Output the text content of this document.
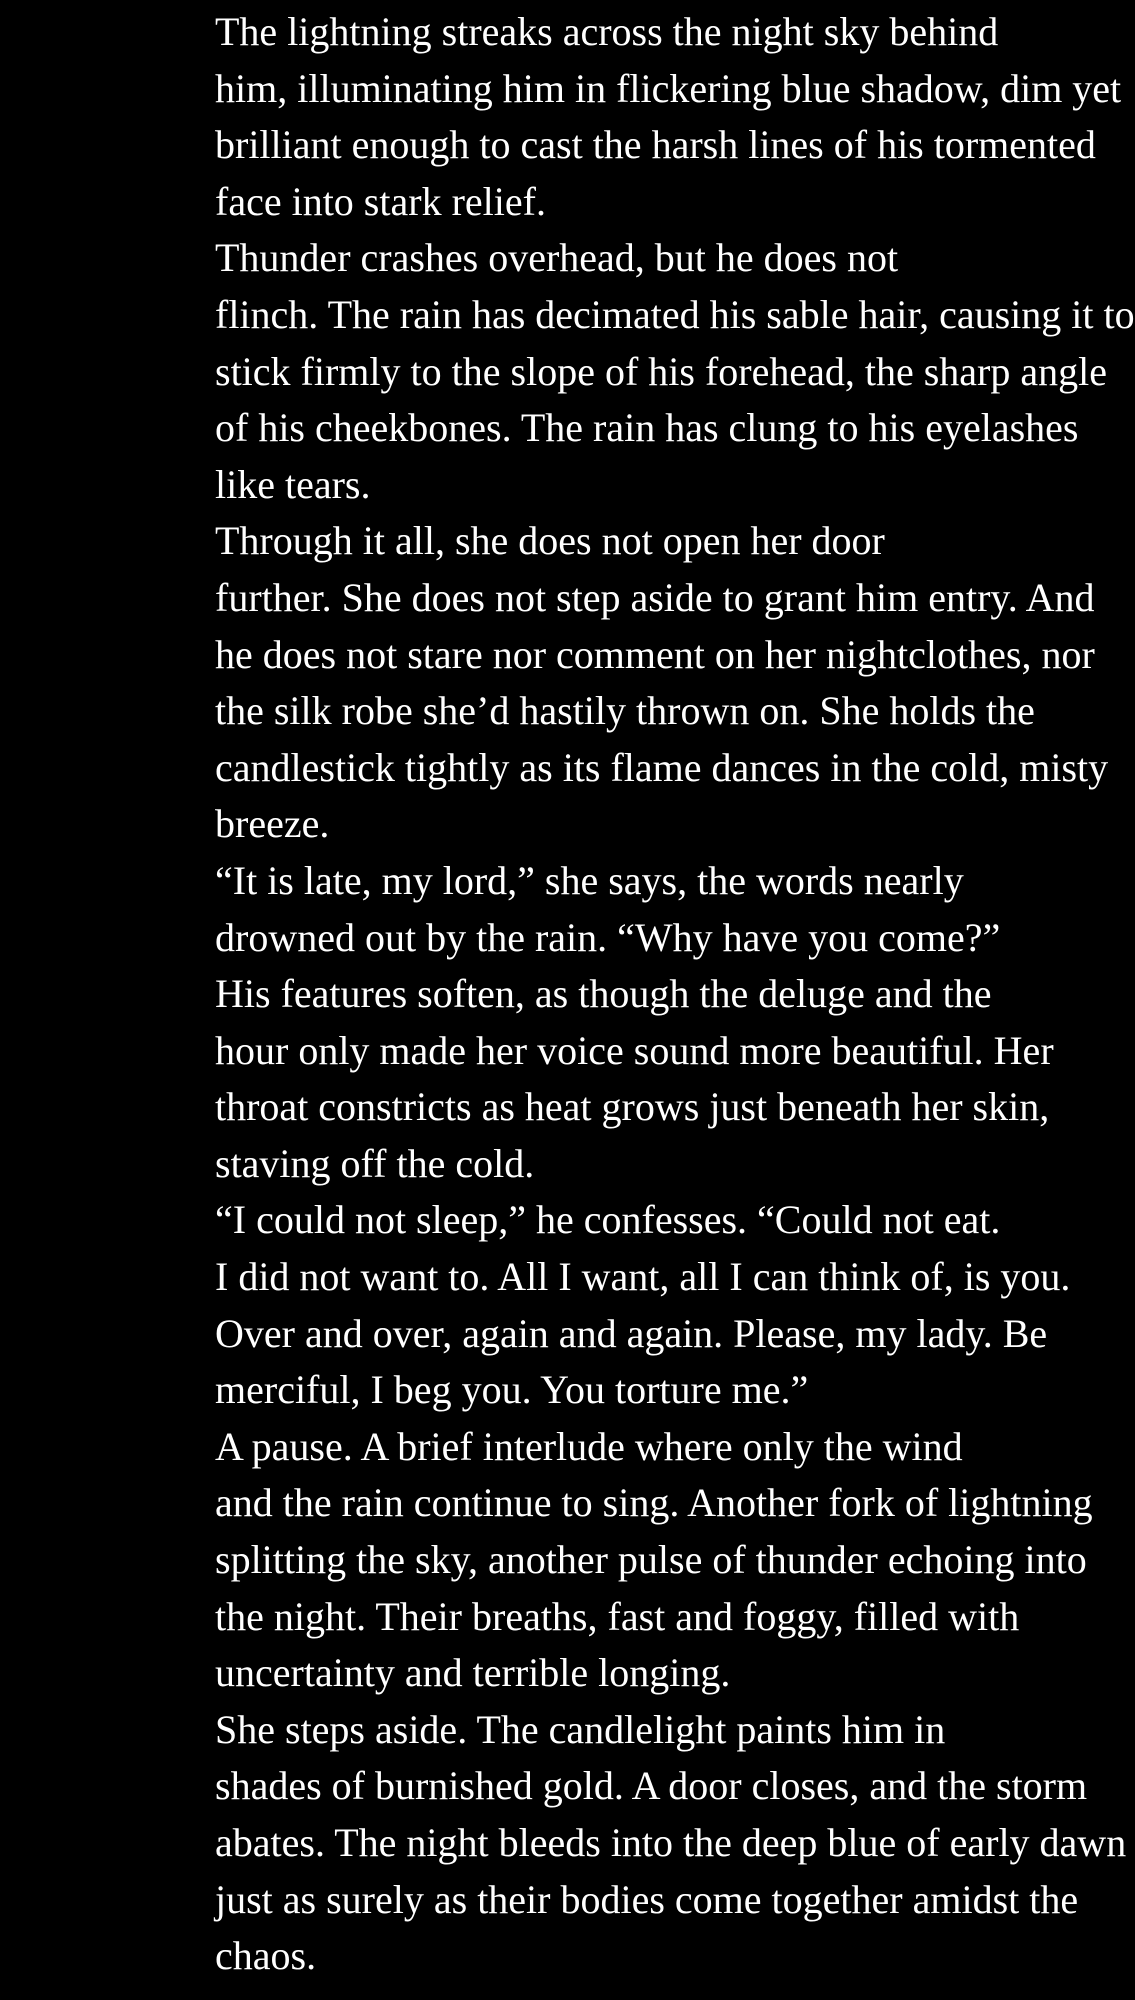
The lightning streaks across the night sky behind
him, illuminating him in flickering blue shadow, dim yet
brilliant enough to cast the harsh lines of his tormented
face into stark relief.

Thunder crashes overhead, but he does not
flinch. The rain has decimated his sable hair, causing it to
stick firmly to the slope of his forehead, the sharp angle
of his cheekbones. The rain has clung to his eyelashes
like tears.

Through it all, she does not open her door
further. She does not step aside to grant him entry. And
he does not stare nor comment on her nightclothes, nor
the silk robe she’d hastily thrown on. She holds the
candlestick tightly as its flame dances in the cold, misty
breeze.

“It is late, my lord,” she says, the words nearly
drowned out by the rain. “Why have you come?”

His features soften, as though the deluge and the
hour only made her voice sound more beautiful. Her
throat constricts as heat grows just beneath her skin,
staving off the cold.

“I could not sleep,” he confesses. “Could not eat.
I did not want to. All I want, all I can think of, is you.
Over and over, again and again. Please, my lady. Be
merciful, I beg you. You torture me.”

A pause. A brief interlude where only the wind
and the rain continue to sing. Another fork of lightning
splitting the sky, another pulse of thunder echoing into
the night. Their breaths, fast and foggy, filled with
uncertainty and terrible longing.

She steps aside. The candlelight paints him in
shades of burnished gold. A door closes, and the storm
abates. The night bleeds into the deep blue of early dawn
just as surely as their bodies come together amidst the
chaos.
